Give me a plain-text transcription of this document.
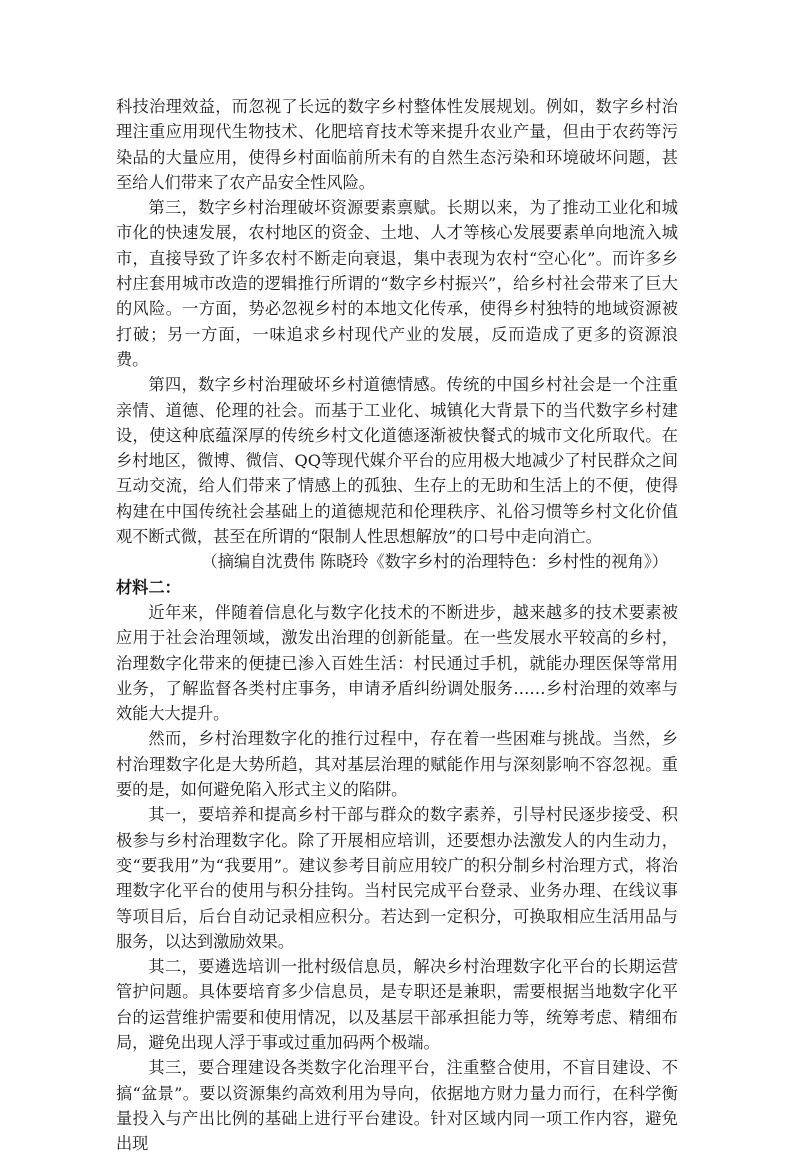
科技治理效益，而忽视了长远的数字乡村整体性发展规划。例如，数字乡村治理注重应用现代生物技术、化肥培育技术等来提升农业产量，但由于农药等污染品的大量应用，使得乡村面临前所未有的自然生态污染和环境破坏问题，甚至给人们带来了农产品安全性风险。

第三，数字乡村治理破坏资源要素禀赋。长期以来，为了推动工业化和城市化的快速发展，农村地区的资金、土地、人才等核心发展要素单向地流入城市，直接导致了许多农村不断走向衰退，集中表现为农村“空心化”。而许多乡村庄套用城市改造的逻辑推行所谓的“数字乡村振兴”，给乡村社会带来了巨大的风险。一方面，势必忽视乡村的本地文化传承，使得乡村独特的地域资源被打破；另一方面，一味追求乡村现代产业的发展，反而造成了更多的资源浪费。

第四，数字乡村治理破坏乡村道德情感。传统的中国乡村社会是一个注重亲情、道德、伦理的社会。而基于工业化、城镇化大背景下的当代数字乡村建设，使这种底蕴深厚的传统乡村文化道德逐渐被快餐式的城市文化所取代。在乡村地区，微博、微信、QQ等现代媒介平台的应用极大地减少了村民群众之间互动交流，给人们带来了情感上的孤独、生存上的无助和生活上的不便，使得构建在中国传统社会基础上的道德规范和伦理秩序、礼俗习惯等乡村文化价值观不断式微，甚至在所谓的“限制人性思想解放”的口号中走向消亡。

（摘编自沈费伟 陈晓玲《数字乡村的治理特色：乡村性的视角》）

材料二：

近年来，伴随着信息化与数字化技术的不断进步，越来越多的技术要素被应用于社会治理领域，激发出治理的创新能量。在一些发展水平较高的乡村，治理数字化带来的便捷已渗入百姓生活：村民通过手机，就能办理医保等常用业务，了解监督各类村庄事务，申请矛盾纠纷调处服务……乡村治理的效率与效能大大提升。

然而，乡村治理数字化的推行过程中，存在着一些困难与挑战。当然，乡村治理数字化是大势所趋，其对基层治理的赋能作用与深刻影响不容忽视。重要的是，如何避免陷入形式主义的陷阱。

其一，要培养和提高乡村干部与群众的数字素养，引导村民逐步接受、积极参与乡村治理数字化。除了开展相应培训，还要想办法激发人的内生动力，变“要我用”为“我要用”。建议参考目前应用较广的积分制乡村治理方式，将治理数字化平台的使用与积分挂钩。当村民完成平台登录、业务办理、在线议事等项目后，后台自动记录相应积分。若达到一定积分，可换取相应生活用品与服务，以达到激励效果。

其二，要遴选培训一批村级信息员，解决乡村治理数字化平台的长期运营管护问题。具体要培育多少信息员，是专职还是兼职，需要根据当地数字化平台的运营维护需要和使用情况，以及基层干部承担能力等，统筹考虑、精细布局，避免出现人浮于事或过重加码两个极端。

其三，要合理建设各类数字化治理平台，注重整合使用，不盲目建设、不搞“盆景”。要以资源集约高效利用为导向，依据地方财力量力而行，在科学衡量投入与产出比例的基础上进行平台建设。针对区域内同一项工作内容，避免出现
